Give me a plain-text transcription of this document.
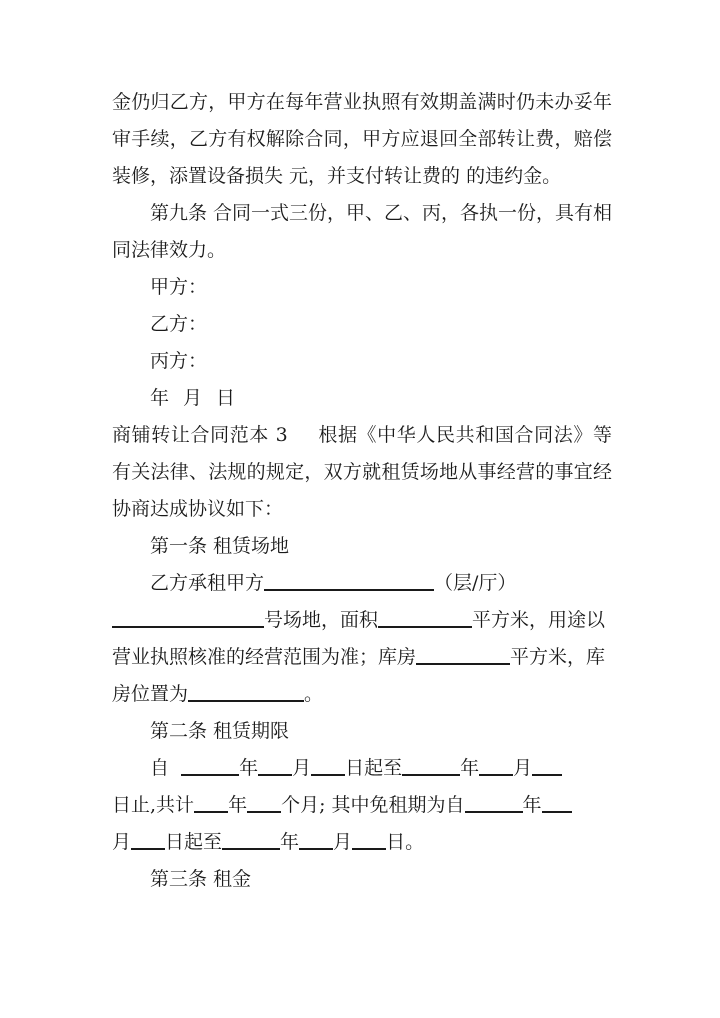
金仍归乙方，甲方在每年营业执照有效期盖满时仍未办妥年
审手续，乙方有权解除合同，甲方应退回全部转让费，赔偿
装修，添置设备损失 元，并支付转让费的 的违约金。
第九条 合同一式三份，甲、乙、丙，各执一份，具有相
同法律效力。
甲方：
乙方：
丙方：
年 月 日
商铺转让合同范本 3 根据《中华人民共和国合同法》等
有关法律、法规的规定，双方就租赁场地从事经营的事宜经
协商达成协议如下：
第一条 租赁场地
乙方承租甲方	（层/厅）
号场地，面积	平方米，用途以
营业执照核准的经营范围为准；库房	平方米，库
房位置为	。
第二条 租赁期限
自	年 月 日起至	年 月
日止,共计 年 个月; 其中免租期为自	年
月 日起至	年 月 日。
第三条 租金
